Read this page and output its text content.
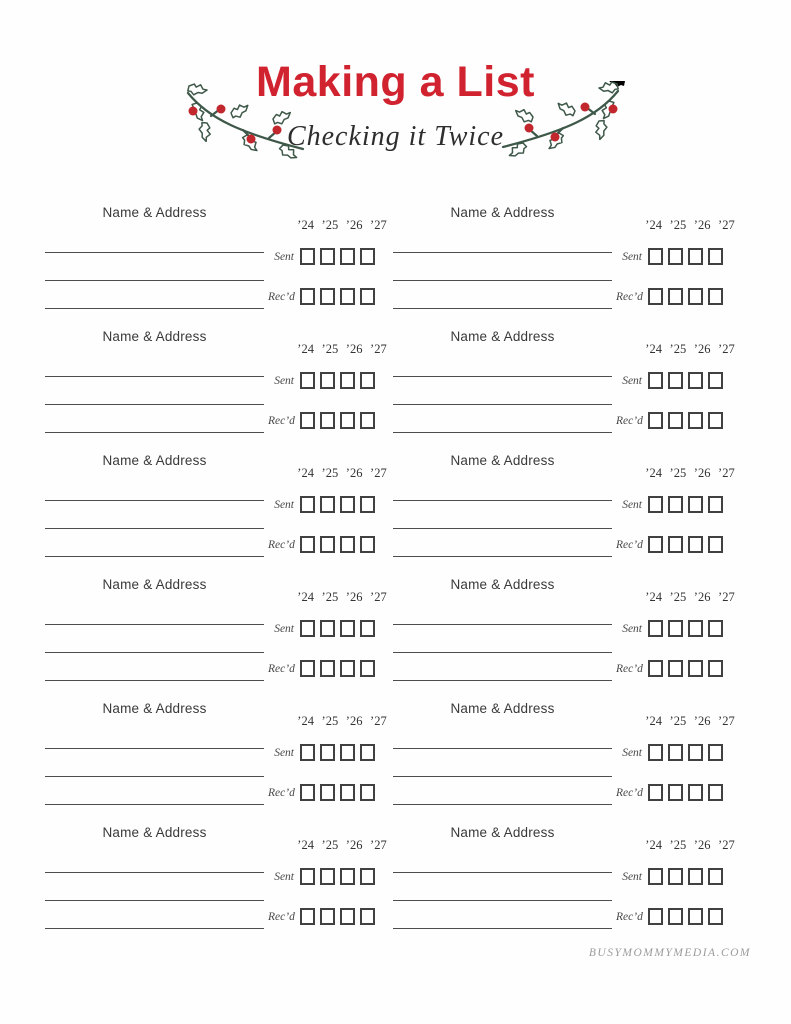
Making a List
Checking it Twice
Name & Address
’24 ’25 ’26 ’27
Sent
Rec’d
Name & Address
’24 ’25 ’26 ’27
Sent
Rec’d
Name & Address
’24 ’25 ’26 ’27
Sent
Rec’d
Name & Address
’24 ’25 ’26 ’27
Sent
Rec’d
Name & Address
’24 ’25 ’26 ’27
Sent
Rec’d
Name & Address
’24 ’25 ’26 ’27
Sent
Rec’d
Name & Address
’24 ’25 ’26 ’27
Sent
Rec’d
Name & Address
’24 ’25 ’26 ’27
Sent
Rec’d
Name & Address
’24 ’25 ’26 ’27
Sent
Rec’d
Name & Address
’24 ’25 ’26 ’27
Sent
Rec’d
Name & Address
’24 ’25 ’26 ’27
Sent
Rec’d
Name & Address
’24 ’25 ’26 ’27
Sent
Rec’d
BUSYMOMMYMEDIA.COM
